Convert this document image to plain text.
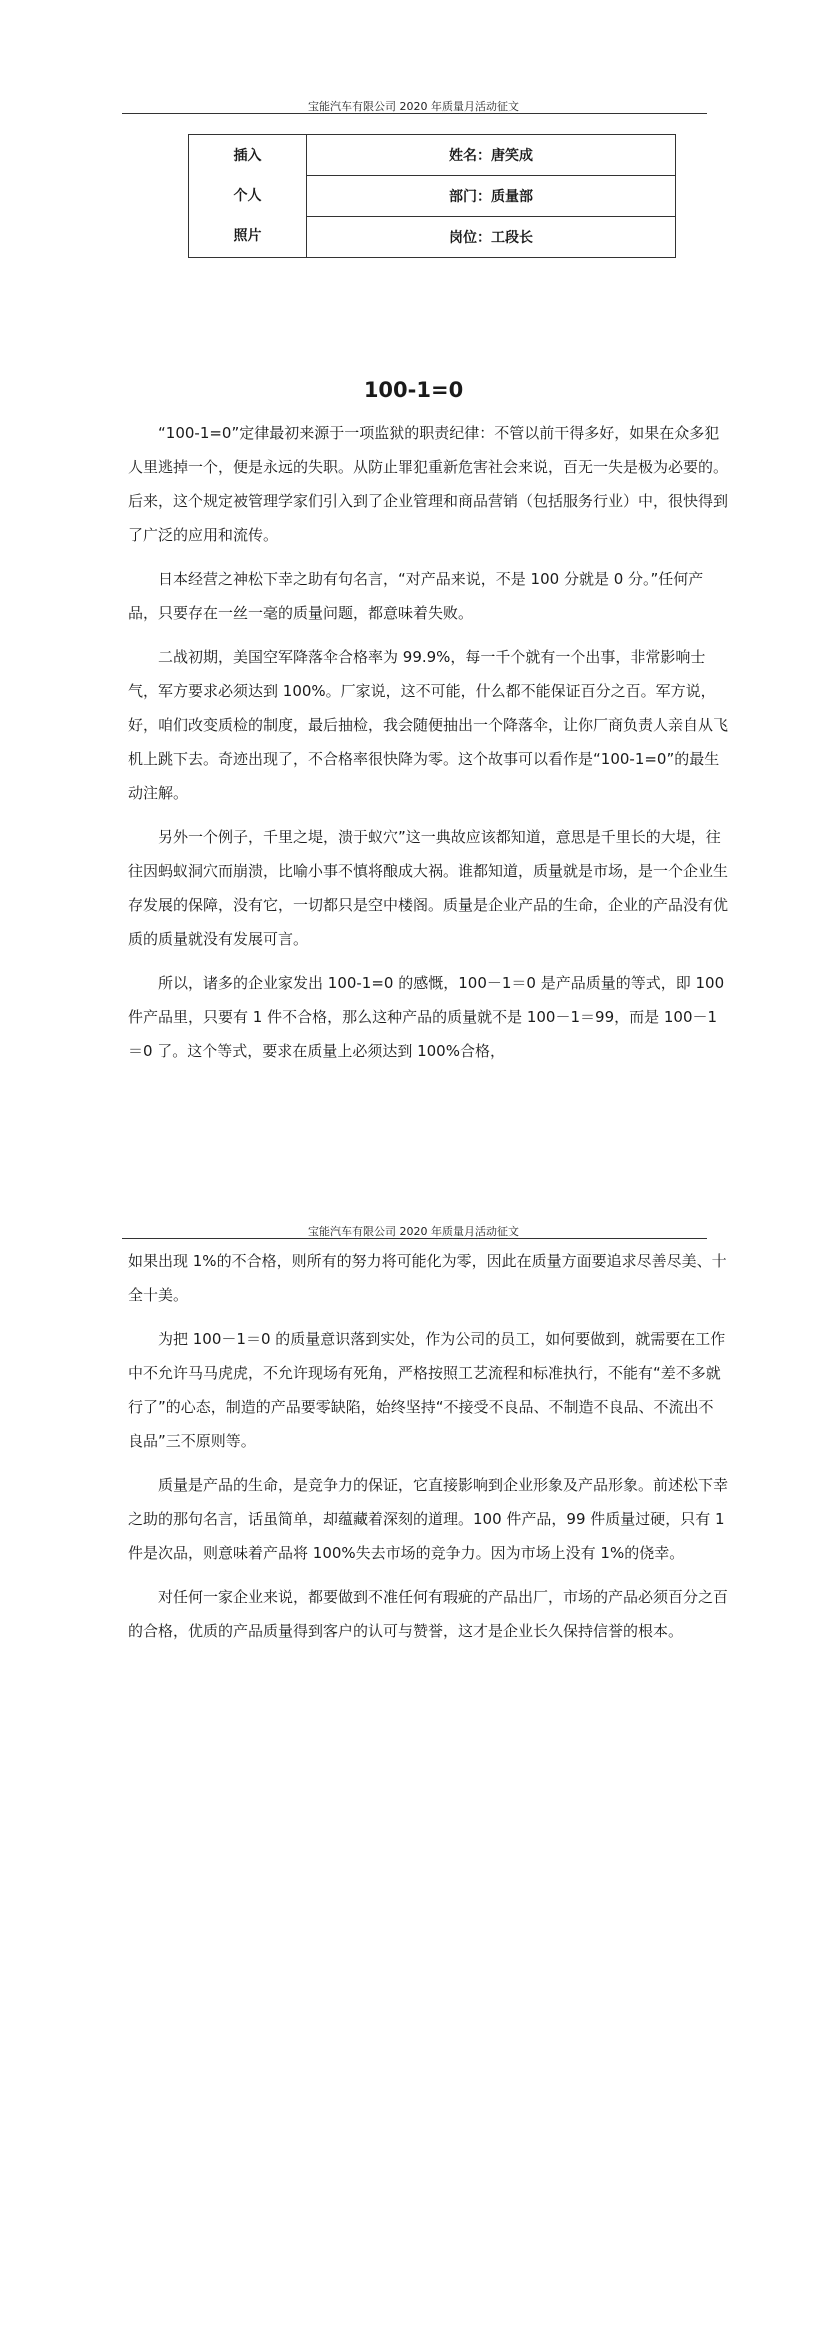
宝能汽车有限公司 2020 年质量月活动征文
插入
个人
照片
	姓名：唐笑成
部门：质量部
岗位：工段长
100-1=0

“100-1=0”定律最初来源于一项监狱的职责纪律：不管以前干得多好，如果在众多犯人里逃掉一个，便是永远的失职。从防止罪犯重新危害社会来说，百无一失是极为必要的。后来，这个规定被管理学家们引入到了企业管理和商品营销（包括服务行业）中，很快得到了广泛的应用和流传。

日本经营之神松下幸之助有句名言，“对产品来说，不是 100 分就是 0 分。”任何产品，只要存在一丝一毫的质量问题，都意味着失败。

二战初期，美国空军降落伞合格率为 99.9%，每一千个就有一个出事，非常影响士气，军方要求必须达到 100%。厂家说，这不可能，什么都不能保证百分之百。军方说，好，咱们改变质检的制度，最后抽检，我会随便抽出一个降落伞，让你厂商负责人亲自从飞机上跳下去。奇迹出现了，不合格率很快降为零。这个故事可以看作是“100-1=0”的最生动注解。

另外一个例子，千里之堤，溃于蚁穴”这一典故应该都知道，意思是千里长的大堤，往往因蚂蚁洞穴而崩溃，比喻小事不慎将酿成大祸。谁都知道，质量就是市场，是一个企业生存发展的保障，没有它，一切都只是空中楼阁。质量是企业产品的生命，企业的产品没有优质的质量就没有发展可言。

所以，诸多的企业家发出 100-1=0 的感慨，100－1＝0 是产品质量的等式，即 100 件产品里，只要有 1 件不合格，那么这种产品的质量就不是 100－1＝99，而是 100－1＝0 了。这个等式，要求在质量上必须达到 100%合格，

宝能汽车有限公司 2020 年质量月活动征文

如果出现 1%的不合格，则所有的努力将可能化为零，因此在质量方面要追求尽善尽美、十全十美。

为把 100－1＝0 的质量意识落到实处，作为公司的员工，如何要做到，就需要在工作中不允许马马虎虎，不允许现场有死角，严格按照工艺流程和标准执行，不能有“差不多就行了”的心态，制造的产品要零缺陷，始终坚持“不接受不良品、不制造不良品、不流出不良品”三不原则等。

质量是产品的生命，是竞争力的保证，它直接影响到企业形象及产品形象。前述松下幸之助的那句名言，话虽简单，却蕴藏着深刻的道理。100 件产品，99 件质量过硬，只有 1 件是次品，则意味着产品将 100%失去市场的竞争力。因为市场上没有 1%的侥幸。

对任何一家企业来说，都要做到不准任何有瑕疵的产品出厂，市场的产品必须百分之百的合格，优质的产品质量得到客户的认可与赞誉，这才是企业长久保持信誉的根本。
